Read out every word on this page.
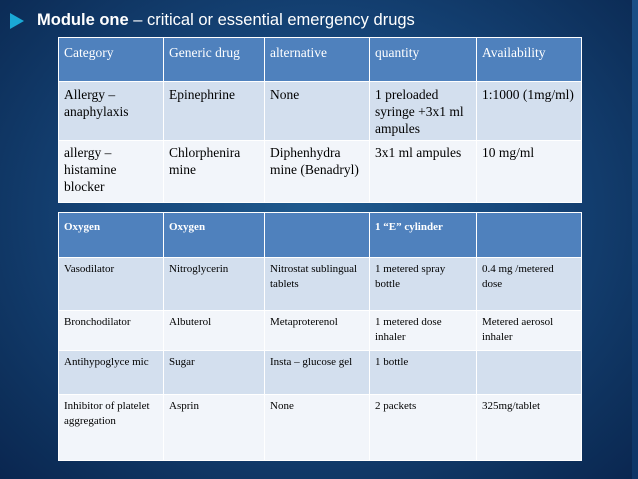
Module one – critical or essential emergency drugs
Category	Generic drug	alternative	quantity	Availability
Allergy – anaphylaxis	Epinephrine	None	1 preloaded syringe +3x1 ml ampules	1:1000 (1mg/ml)
allergy – histamine blocker	Chlorphenira mine	Diphenhydra mine (Benadryl)	3x1 ml ampules	10 mg/ml
Oxygen	Oxygen		1 “E” cylinder	
Vasodilator	Nitroglycerin	Nitrostat sublingual tablets	1 metered spray bottle	0.4 mg /metered dose
Bronchodilator	Albuterol	Metaproterenol	1 metered dose inhaler	Metered aerosol inhaler
Antihypoglyce mic	Sugar	Insta – glucose gel	1 bottle	
Inhibitor of platelet aggregation	Asprin	None	2 packets	325mg/tablet
